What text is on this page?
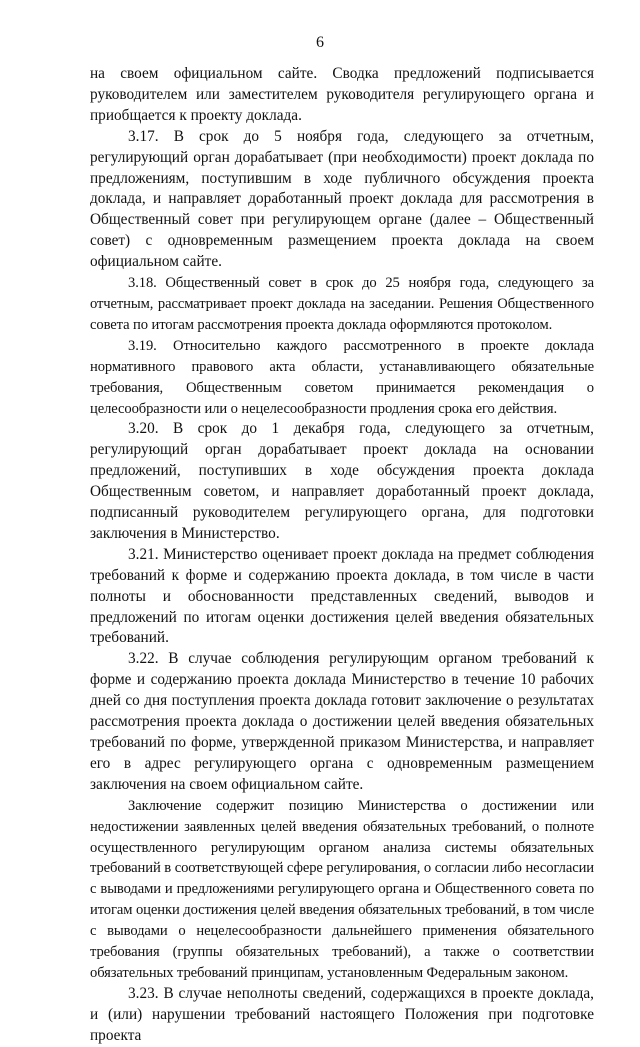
6

на своем официальном сайте. Сводка предложений подписывается руководителем или заместителем руководителя регулирующего органа и приобщается к проекту доклада.

3.17. В срок до 5 ноября года, следующего за отчетным, регулирующий орган дорабатывает (при необходимости) проект доклада по предложениям, поступившим в ходе публичного обсуждения проекта доклада, и направляет доработанный проект доклада для рассмотрения в Общественный совет при регулирующем органе (далее – Общественный совет) с одновременным размещением проекта доклада на своем официальном сайте.

3.18. Общественный совет в срок до 25 ноября года, следующего за отчетным, рассматривает проект доклада на заседании. Решения Общественного совета по итогам рассмотрения проекта доклада оформляются протоколом.

3.19. Относительно каждого рассмотренного в проекте доклада нормативного правового акта области, устанавливающего обязательные требования, Общественным советом принимается рекомендация о целесообразности или о нецелесообразности продления срока его действия.

3.20. В срок до 1 декабря года, следующего за отчетным, регулирующий орган дорабатывает проект доклада на основании предложений, поступивших в ходе обсуждения проекта доклада Общественным советом, и направляет доработанный проект доклада, подписанный руководителем регулирующего органа, для подготовки заключения в Министерство.

3.21. Министерство оценивает проект доклада на предмет соблюдения требований к форме и содержанию проекта доклада, в том числе в части полноты и обоснованности представленных сведений, выводов и предложений по итогам оценки достижения целей введения обязательных требований.

3.22. В случае соблюдения регулирующим органом требований к форме и содержанию проекта доклада Министерство в течение 10 рабочих дней со дня поступления проекта доклада готовит заключение о результатах рассмотрения проекта доклада о достижении целей введения обязательных требований по форме, утвержденной приказом Министерства, и направляет его в адрес регулирующего органа с одновременным размещением заключения на своем официальном сайте.

Заключение содержит позицию Министерства о достижении или недостижении заявленных целей введения обязательных требований, о полноте осуществленного регулирующим органом анализа системы обязательных требований в соответствующей сфере регулирования, о согласии либо несогласии с выводами и предложениями регулирующего органа и Общественного совета по итогам оценки достижения целей введения обязательных требований, в том числе с выводами о нецелесообразности дальнейшего применения обязательного требования (группы обязательных требований), а также о соответствии обязательных требований принципам, установленным Федеральным законом.

3.23. В случае неполноты сведений, содержащихся в проекте доклада, и (или) нарушении требований настоящего Положения при подготовке проекта
